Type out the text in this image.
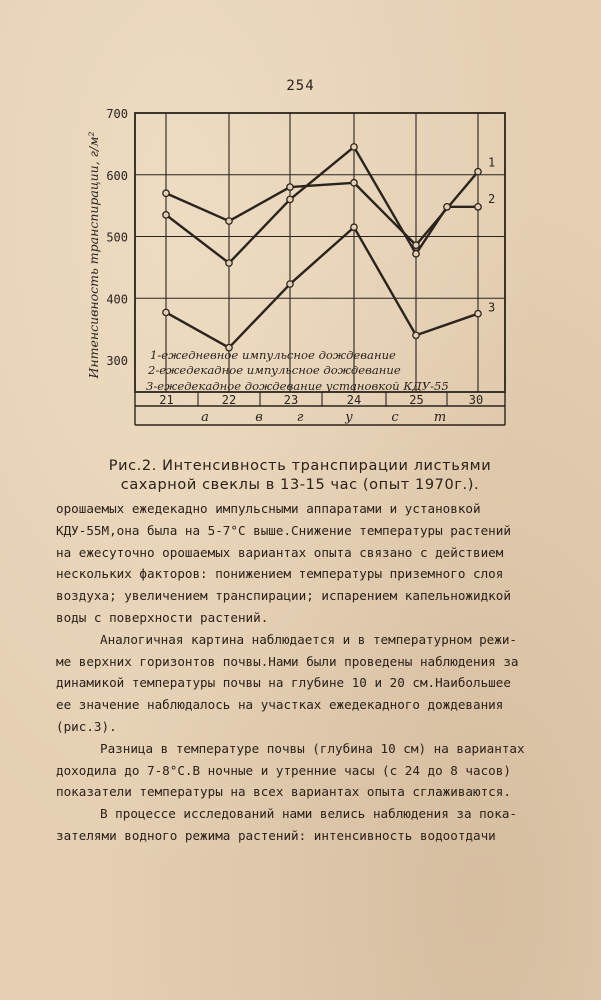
254
21	22	23	24	25	30
а	в	г	у	с	т
300
400
500
600
700
Интенсивность транспирации, г/м²	1
2
3
1-ежедневное импульсное дождевание
2-ежедекадное импульсное дождевание
3-ежедекадное дождевание установкой КДУ-55
Рис.2. Интенсивность транспирации листьями
сахарной свеклы в 13-15 час (опыт 1970г.).

орошаемых ежедекадно импульсными аппаратами и установкой
КДУ-55М,она была на 5-7°С выше.Снижение температуры растений
на ежесуточно орошаемых вариантах опыта связано с действием
нескольких факторов: понижением температуры приземного слоя
воздуха; увеличением транспирации; испарением капельножидкой
воды с поверхности растений.

Аналогичная картина наблюдается и в температурном режи-
ме верхних горизонтов почвы.Нами были проведены наблюдения за
динамикой температуры почвы на глубине 10 и 20 см.Наибольшее
ее значение наблюдалось на участках ежедекадного дождевания
(рис.3).

Разница в температуре почвы (глубина 10 см) на вариантах
доходила до 7-8°С.В ночные и утренние часы (с 24 до 8 часов)
показатели температуры на всех вариантах опыта сглаживаются.

В процессе исследований нами велись наблюдения за пока-
зателями водного режима растений: интенсивность водоотдачи
